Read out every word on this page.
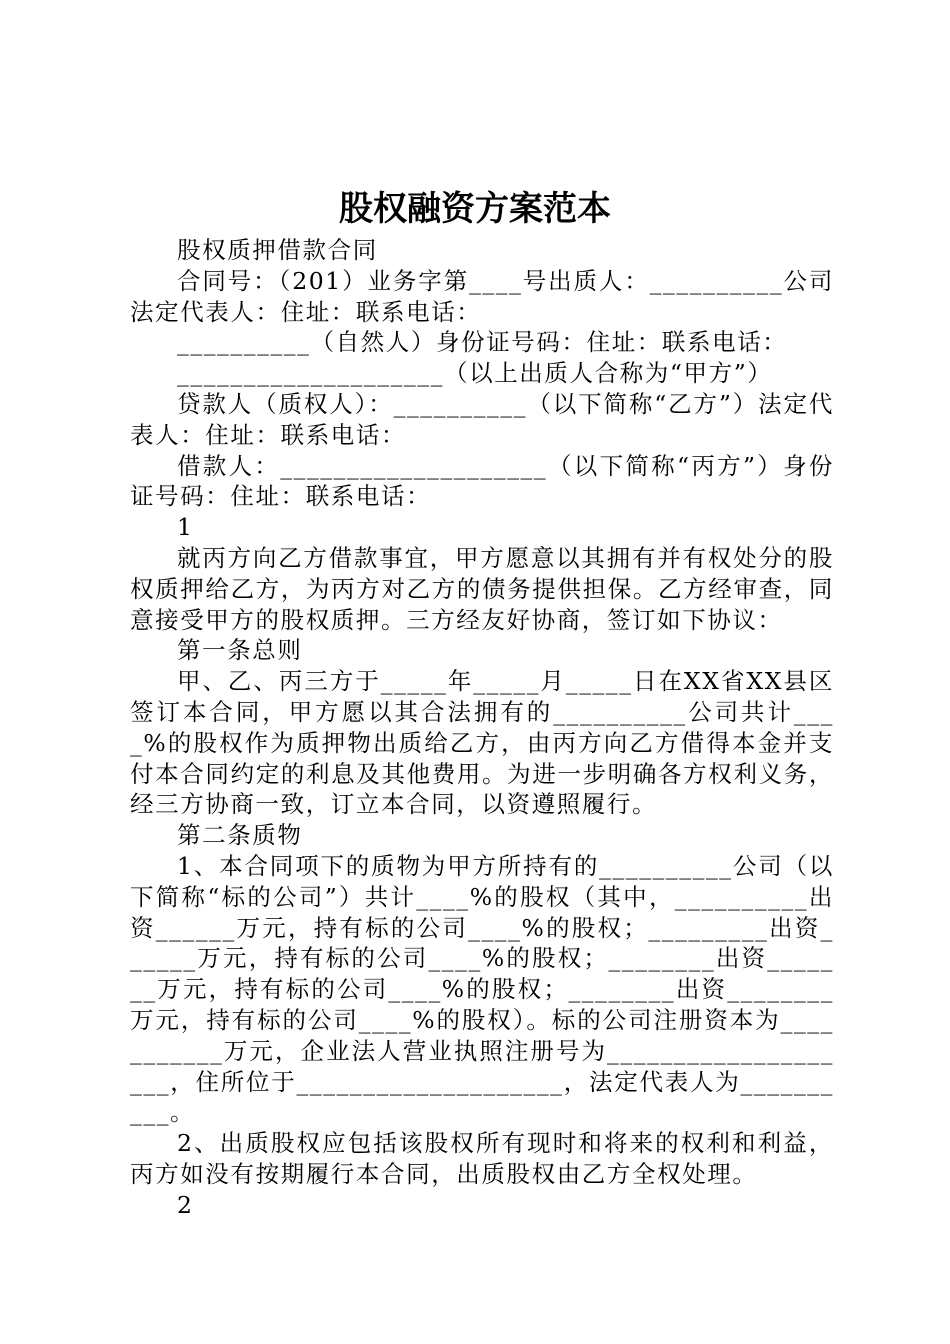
股权融资方案范本

股权质押借款合同

合同号：（201）业务字第____号出质人：__________公司法定代表人：住址：联系电话：

__________（自然人）身份证号码：住址：联系电话：

____________________（以上出质人合称为“甲方”）

贷款人（质权人）：__________（以下简称“乙方”）法定代表人：住址：联系电话：

借款人：____________________（以下简称“丙方”）身份证号码：住址：联系电话：

1

就丙方向乙方借款事宜，甲方愿意以其拥有并有权处分的股权质押给乙方，为丙方对乙方的债务提供担保。乙方经审查，同意接受甲方的股权质押。三方经友好协商，签订如下协议：

第一条总则

甲、乙、丙三方于_____年_____月_____日在XX省XX县区签订本合同，甲方愿以其合法拥有的__________公司共计____%的股权作为质押物出质给乙方，由丙方向乙方借得本金并支付本合同约定的利息及其他费用。为进一步明确各方权利义务，经三方协商一致，订立本合同，以资遵照履行。

第二条质物

1、本合同项下的质物为甲方所持有的__________公司（以下简称“标的公司”）共计____%的股权（其中，__________出资______万元，持有标的公司____%的股权；_________出资______万元，持有标的公司____%的股权；________出资_______万元，持有标的公司____%的股权；________出资________万元，持有标的公司____%的股权）。标的公司注册资本为___________万元，企业法人营业执照注册号为____________________，住所位于____________________，法定代表人为__________。

2、出质股权应包括该股权所有现时和将来的权利和利益，丙方如没有按期履行本合同，出质股权由乙方全权处理。

2
